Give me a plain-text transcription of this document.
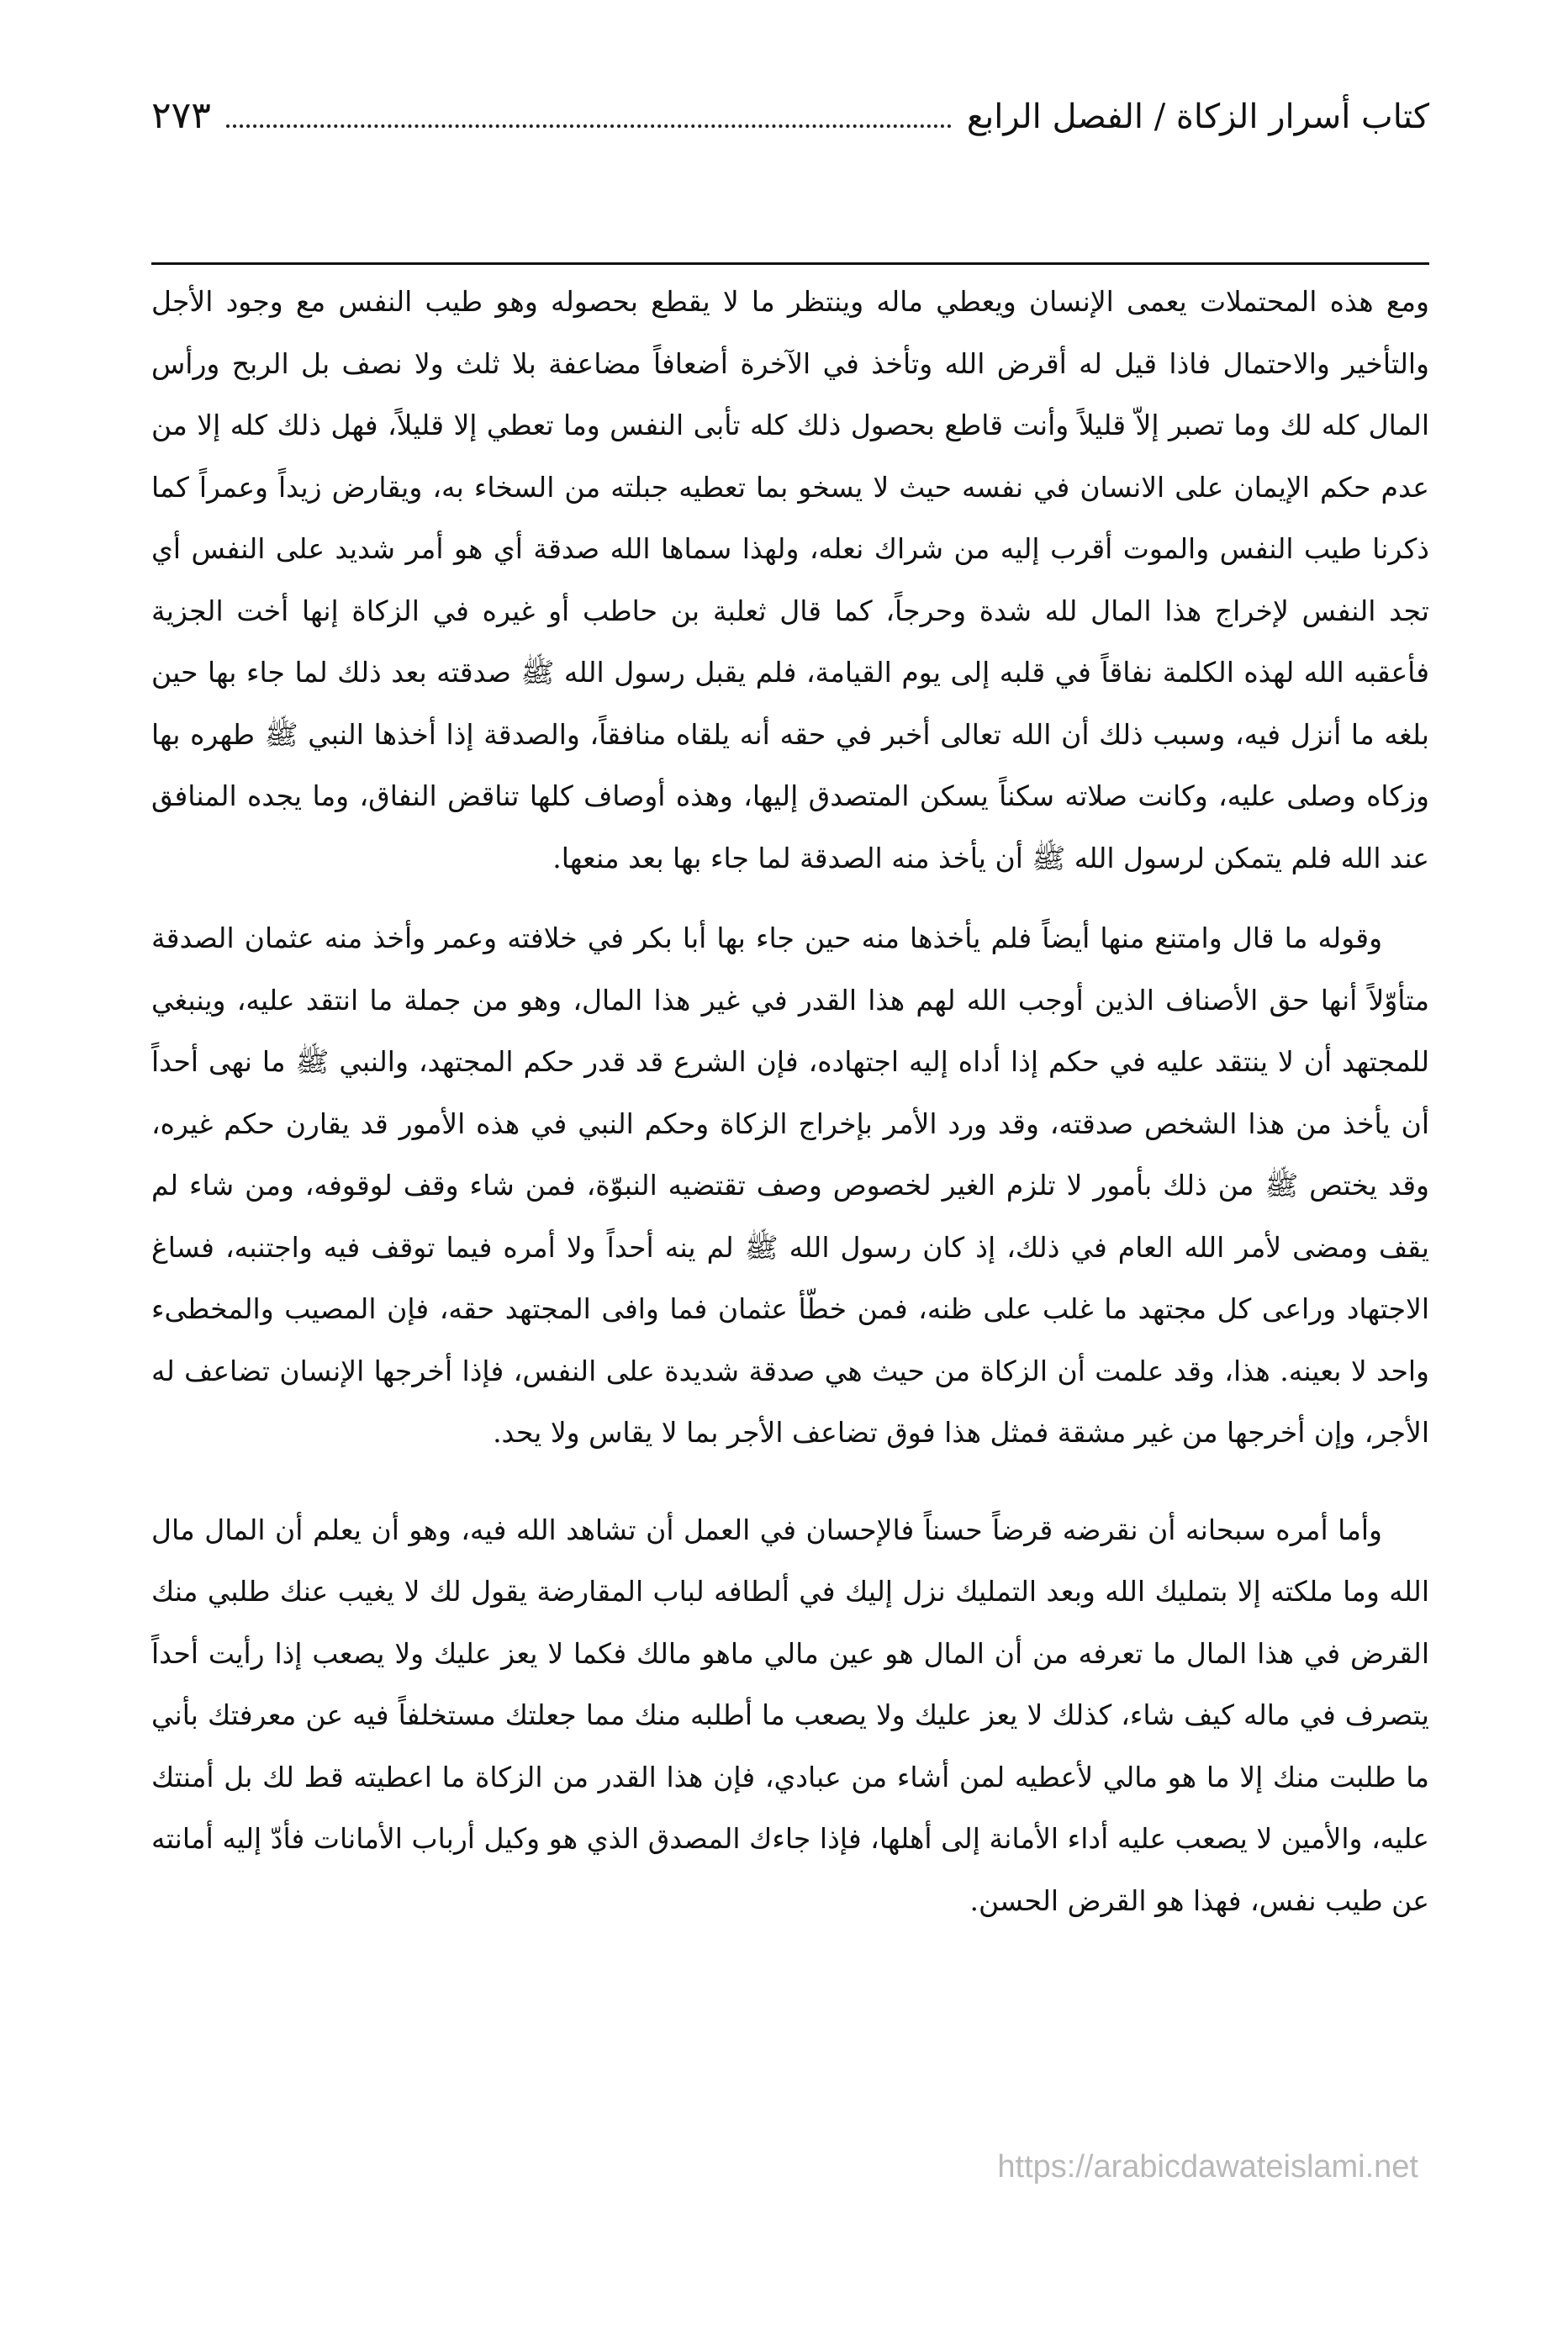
كتاب أسرار الزكاة / الفصل الرابع
٢٧٣

ومع هذه المحتملات يعمى الإنسان ويعطي ماله وينتظر ما لا يقطع بحصوله وهو طيب النفس مع وجود الأجل والتأخير والاحتمال فاذا قيل له أقرض الله وتأخذ في الآخرة أضعافاً مضاعفة بلا ثلث ولا نصف بل الربح ورأس المال كله لك وما تصبر إلاّ قليلاً وأنت قاطع بحصول ذلك كله تأبى النفس وما تعطي إلا قليلاً، فهل ذلك كله إلا من عدم حكم الإيمان على الانسان في نفسه حيث لا يسخو بما تعطيه جبلته من السخاء به، ويقارض زيداً وعمراً كما ذكرنا طيب النفس والموت أقرب إليه من شراك نعله، ولهذا سماها الله صدقة أي هو أمر شديد على النفس أي تجد النفس لإخراج هذا المال لله شدة وحرجاً، كما قال ثعلبة بن حاطب أو غيره في الزكاة إنها أخت الجزية فأعقبه الله لهذه الكلمة نفاقاً في قلبه إلى يوم القيامة، فلم يقبل رسول الله ﷺ صدقته بعد ذلك لما جاء بها حين بلغه ما أنزل فيه، وسبب ذلك أن الله تعالى أخبر في حقه أنه يلقاه منافقاً، والصدقة إذا أخذها النبي ﷺ طهره بها وزكاه وصلى عليه، وكانت صلاته سكناً يسكن المتصدق إليها، وهذه أوصاف كلها تناقض النفاق، وما يجده المنافق عند الله فلم يتمكن لرسول الله ﷺ أن يأخذ منه الصدقة لما جاء بها بعد منعها.

وقوله ما قال وامتنع منها أيضاً فلم يأخذها منه حين جاء بها أبا بكر في خلافته وعمر وأخذ منه عثمان الصدقة متأوّلاً أنها حق الأصناف الذين أوجب الله لهم هذا القدر في غير هذا المال، وهو من جملة ما انتقد عليه، وينبغي للمجتهد أن لا ينتقد عليه في حكم إذا أداه إليه اجتهاده، فإن الشرع قد قدر حكم المجتهد، والنبي ﷺ ما نهى أحداً أن يأخذ من هذا الشخص صدقته، وقد ورد الأمر بإخراج الزكاة وحكم النبي في هذه الأمور قد يقارن حكم غيره، وقد يختص ﷺ من ذلك بأمور لا تلزم الغير لخصوص وصف تقتضيه النبوّة، فمن شاء وقف لوقوفه، ومن شاء لم يقف ومضى لأمر الله العام في ذلك، إذ كان رسول الله ﷺ لم ينه أحداً ولا أمره فيما توقف فيه واجتنبه، فساغ الاجتهاد وراعى كل مجتهد ما غلب على ظنه، فمن خطّأ عثمان فما وافى المجتهد حقه، فإن المصيب والمخطىء واحد لا بعينه. هذا، وقد علمت أن الزكاة من حيث هي صدقة شديدة على النفس، فإذا أخرجها الإنسان تضاعف له الأجر، وإن أخرجها من غير مشقة فمثل هذا فوق تضاعف الأجر بما لا يقاس ولا يحد.

وأما أمره سبحانه أن نقرضه قرضاً حسناً فالإحسان في العمل أن تشاهد الله فيه، وهو أن يعلم أن المال مال الله وما ملكته إلا بتمليك الله وبعد التمليك نزل إليك في ألطافه لباب المقارضة يقول لك لا يغيب عنك طلبي منك القرض في هذا المال ما تعرفه من أن المال هو عين مالي ماهو مالك فكما لا يعز عليك ولا يصعب إذا رأيت أحداً يتصرف في ماله كيف شاء، كذلك لا يعز عليك ولا يصعب ما أطلبه منك مما جعلتك مستخلفاً فيه عن معرفتك بأني ما طلبت منك إلا ما هو مالي لأعطيه لمن أشاء من عبادي، فإن هذا القدر من الزكاة ما اعطيته قط لك بل أمنتك عليه، والأمين لا يصعب عليه أداء الأمانة إلى أهلها، فإذا جاءك المصدق الذي هو وكيل أرباب الأمانات فأدّ إليه أمانته عن طيب نفس، فهذا هو القرض الحسن.

https://arabicdawateislami.net
